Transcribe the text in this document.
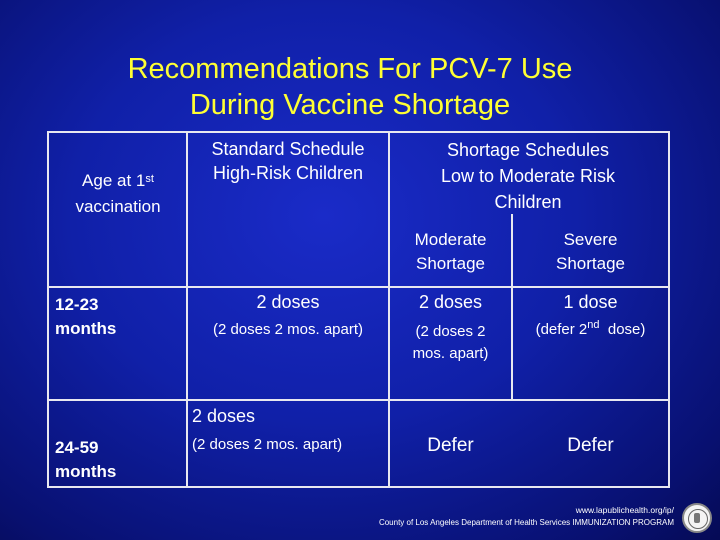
Recommendations For PCV-7 Use
During Vaccine Shortage
Age at 1st
vaccination
Standard Schedule
High-Risk Children
Shortage Schedules
Low to Moderate Risk
Children
Moderate
Shortage
Severe
Shortage
12-23
months
2 doses
(2 doses 2 mos. apart)
2 doses
(2 doses 2
mos. apart)
1 dose
(defer 2nd dose)
2 doses
24-59
months
(2 doses 2 mos. apart)	Defer	Defer
www.lapublichealth.org/ip/
County of Los Angeles Department of Health Services IMMUNIZATION PROGRAM
